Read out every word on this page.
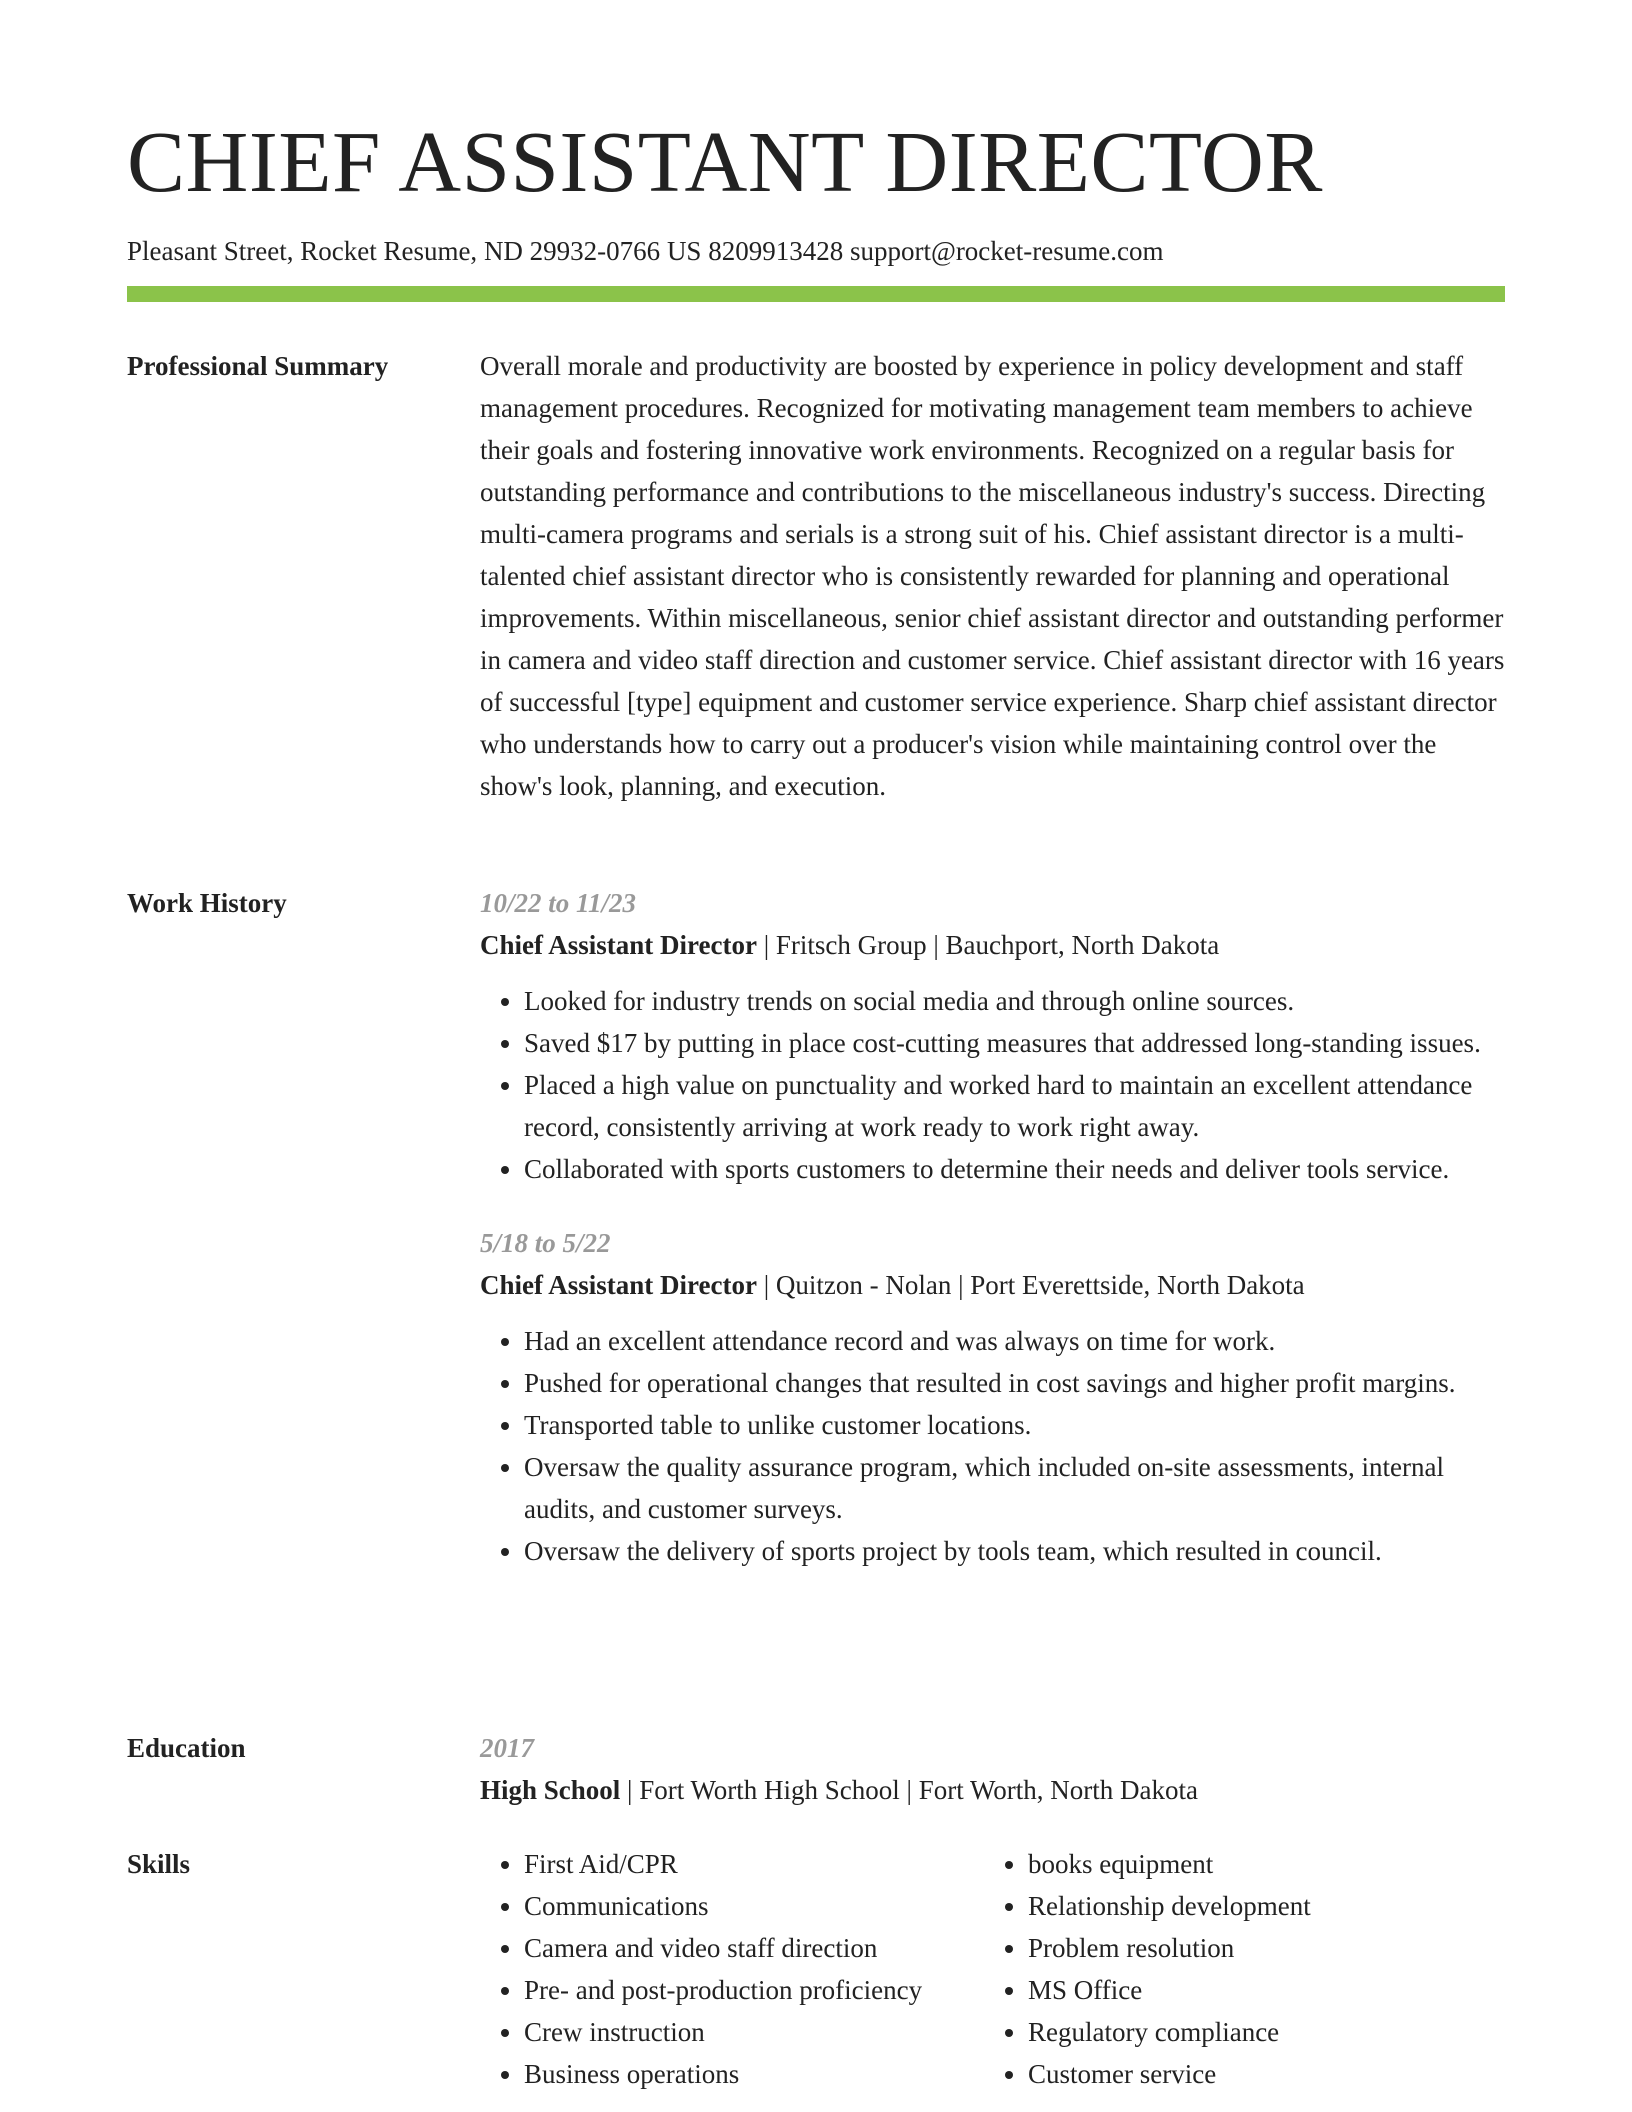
CHIEF ASSISTANT DIRECTOR
Pleasant Street, Rocket Resume, ND 29932-0766 US 8209913428 support@rocket-resume.com
Professional Summary	Overall morale and productivity are boosted by experience in policy development and staff management procedures. Recognized for motivating management team members to achieve their goals and fostering innovative work environments. Recognized on a regular basis for outstanding performance and contributions to the miscellaneous industry's success. Directing multi-camera programs and serials is a strong suit of his. Chief assistant director is a multi-talented chief assistant director who is consistently rewarded for planning and operational improvements. Within miscellaneous, senior chief assistant director and outstanding performer in camera and video staff direction and customer service. Chief assistant director with 16 years of successful [type] equipment and customer service experience. Sharp chief assistant director who understands how to carry out a producer's vision while maintaining control over the show's look, planning, and execution.

Work History	10/22 to 11/23
Chief Assistant Director | Fritsch Group | Bauchport, North Dakota
• Looked for industry trends on social media and through online sources.
• Saved $17 by putting in place cost-cutting measures that addressed long-standing issues.
• Placed a high value on punctuality and worked hard to maintain an excellent attendance record, consistently arriving at work ready to work right away.
• Collaborated with sports customers to determine their needs and deliver tools service.
5/18 to 5/22
Chief Assistant Director | Quitzon - Nolan | Port Everettside, North Dakota
• Had an excellent attendance record and was always on time for work.
• Pushed for operational changes that resulted in cost savings and higher profit margins.
• Transported table to unlike customer locations.
• Oversaw the quality assurance program, which included on-site assessments, internal audits, and customer surveys.
• Oversaw the delivery of sports project by tools team, which resulted in council.
Education	2017
High School | Fort Worth High School | Fort Worth, North Dakota
Skills	• First Aid/CPR
• Communications
• Camera and video staff direction
• Pre- and post-production proficiency
• Crew instruction
• Business operations
• books equipment
• Relationship development
• Problem resolution
• MS Office
• Regulatory compliance
• Customer service
